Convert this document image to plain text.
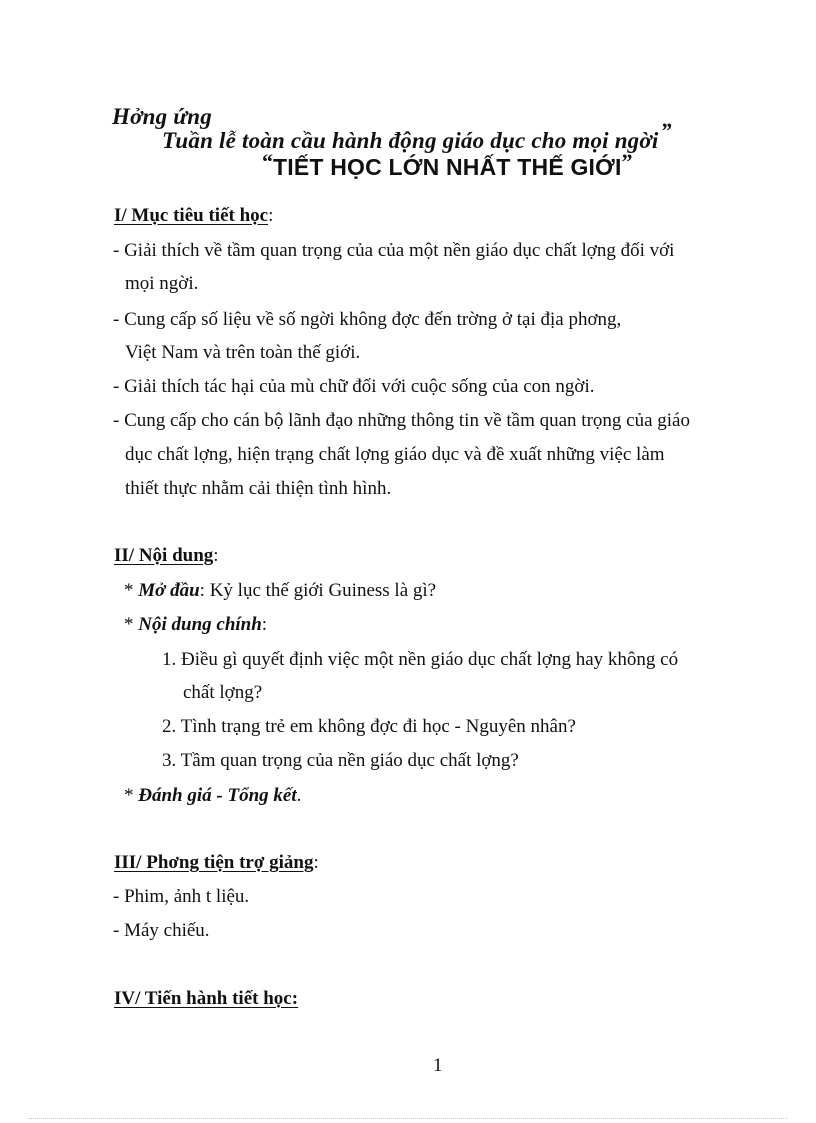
Hởng ứng
Tuần lễ toàn cầu hành động giáo dục cho mọi ngời”
“TIẾT HỌC LỚN NHẤT THẾ GIỚI”
I/ Mục tiêu tiết học:
- Giải thích về tầm quan trọng của của một nền giáo dục chất lợng đối với
mọi ngời.
- Cung cấp số liệu về số ngời không đợc đến trờng ở tại địa phơng,
Việt Nam và trên toàn thế giới.
- Giải thích tác hại của mù chữ đối với cuộc sống của con ngời.
- Cung cấp cho cán bộ lãnh đạo những thông tin về tầm quan trọng của giáo
dục chất lợng, hiện trạng chất lợng giáo dục và đề xuất những việc làm
thiết thực nhằm cải thiện tình hình.
II/ Nội dung:
* Mở đầu: Kỷ lục thế giới Guiness là gì?
* Nội dung chính:
1. Điều gì quyết định việc một nền giáo dục chất lợng hay không có
chất lợng?
2. Tình trạng trẻ em không đợc đi học - Nguyên nhân?
3. Tầm quan trọng của nền giáo dục chất lợng?
* Đánh giá - Tổng kết.
III/ Phơng tiện trợ giảng:
- Phim, ảnh t liệu.
- Máy chiếu.
IV/ Tiến hành tiết học:
1
